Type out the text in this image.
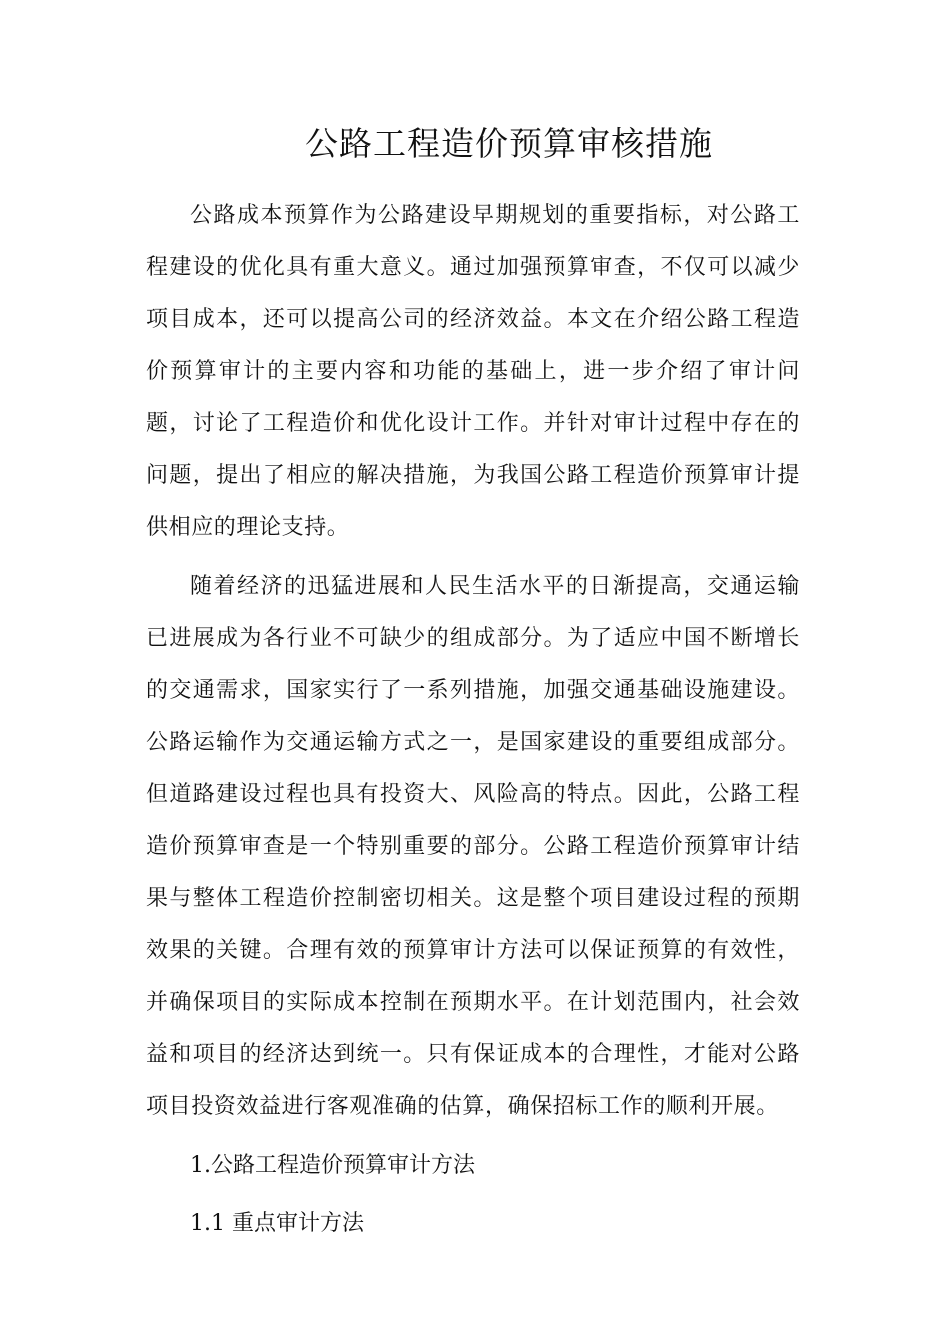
公路工程造价预算审核措施

公路成本预算作为公路建设早期规划的重要指标，对公路工程建设的优化具有重大意义。通过加强预算审查，不仅可以减少项目成本，还可以提高公司的经济效益。本文在介绍公路工程造价预算审计的主要内容和功能的基础上，进一步介绍了审计问题，讨论了工程造价和优化设计工作。并针对审计过程中存在的问题，提出了相应的解决措施，为我国公路工程造价预算审计提供相应的理论支持。

随着经济的迅猛进展和人民生活水平的日渐提高，交通运输已进展成为各行业不可缺少的组成部分。为了适应中国不断增长的交通需求，国家实行了一系列措施，加强交通基础设施建设。公路运输作为交通运输方式之一，是国家建设的重要组成部分。但道路建设过程也具有投资大、风险高的特点。因此，公路工程造价预算审查是一个特别重要的部分。公路工程造价预算审计结果与整体工程造价控制密切相关。这是整个项目建设过程的预期效果的关键。合理有效的预算审计方法可以保证预算的有效性，并确保项目的实际成本控制在预期水平。在计划范围内，社会效益和项目的经济达到统一。只有保证成本的合理性，才能对公路项目投资效益进行客观准确的估算，确保招标工作的顺利开展。

1.公路工程造价预算审计方法
1.1 重点审计方法
